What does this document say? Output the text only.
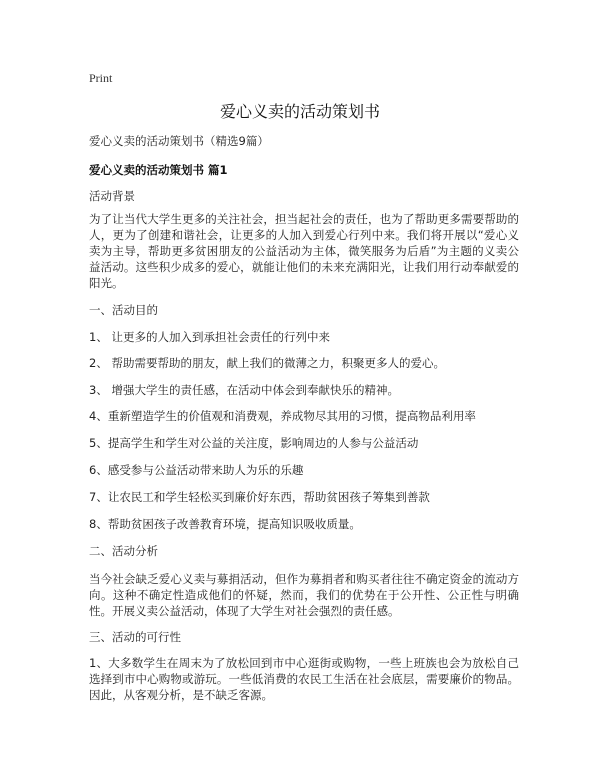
Print
爱心义卖的活动策划书

爱心义卖的活动策划书（精选9篇）

爱心义卖的活动策划书 篇1

活动背景

为了让当代大学生更多的关注社会，担当起社会的责任，也为了帮助更多需要帮助的人，更为了创建和谐社会，让更多的人加入到爱心行列中来。我们将开展以“爱心义卖为主导，帮助更多贫困朋友的公益活动为主体，微笑服务为后盾”为主题的义卖公益活动。这些积少成多的爱心，就能让他们的未来充满阳光，让我们用行动奉献爱的阳光。

一、活动目的

1、 让更多的人加入到承担社会责任的行列中来

2、 帮助需要帮助的朋友，献上我们的微薄之力，积聚更多人的爱心。

3、 增强大学生的责任感，在活动中体会到奉献快乐的精神。

4、重新塑造学生的价值观和消费观，养成物尽其用的习惯，提高物品利用率

5、提高学生和学生对公益的关注度，影响周边的人参与公益活动

6、感受参与公益活动带来助人为乐的乐趣

7、让农民工和学生轻松买到廉价好东西，帮助贫困孩子筹集到善款

8、帮助贫困孩子改善教育环境，提高知识吸收质量。

二、活动分析

当今社会缺乏爱心义卖与募捐活动，但作为募捐者和购买者往往不确定资金的流动方向。这种不确定性造成他们的怀疑，然而，我们的优势在于公开性、公正性与明确性。开展义卖公益活动，体现了大学生对社会强烈的责任感。

三、活动的可行性

1、大多数学生在周末为了放松回到市中心逛街或购物，一些上班族也会为放松自己选择到市中心购物或游玩。一些低消费的农民工生活在社会底层，需要廉价的物品。因此，从客观分析，是不缺乏客源。
